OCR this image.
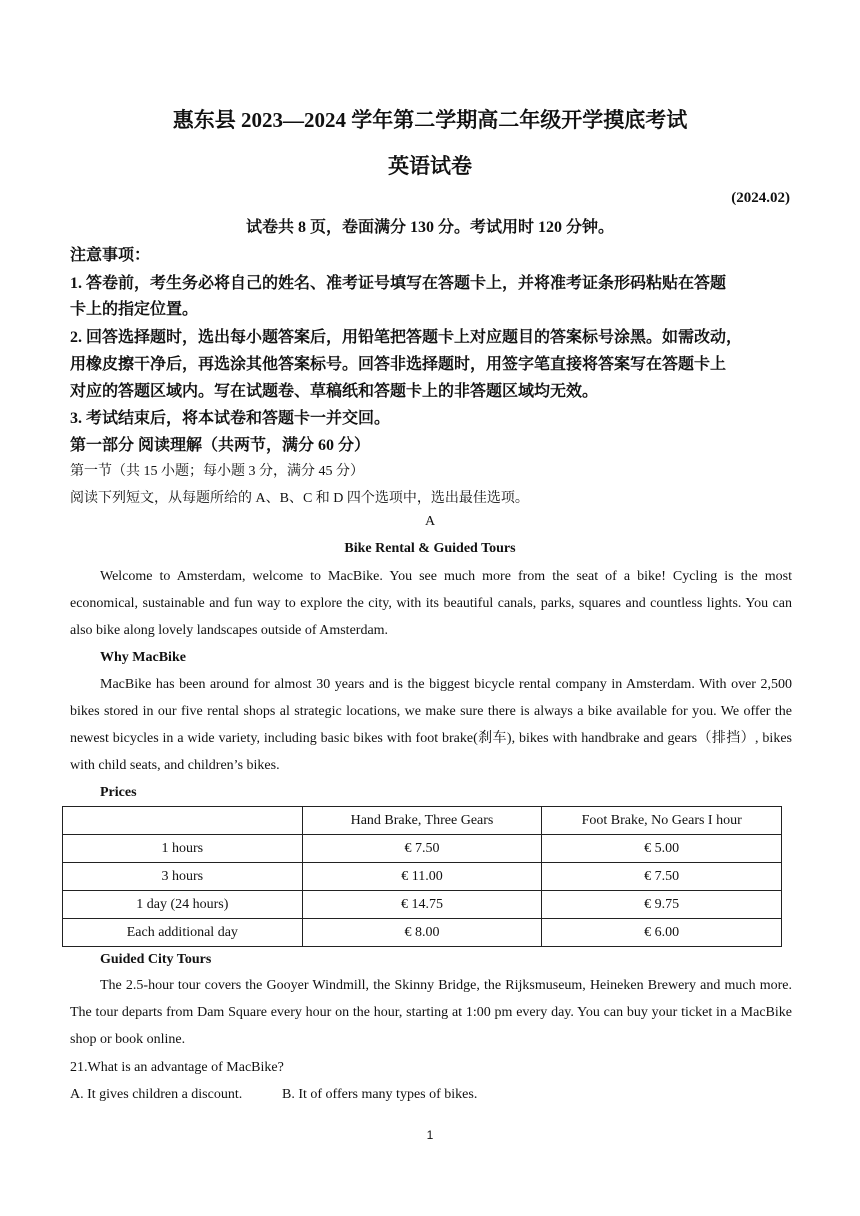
惠东县 2023—2024 学年第二学期高二年级开学摸底考试
英语试卷
(2024.02)
试卷共 8 页，卷面满分 130 分。考试用时 120 分钟。
注意事项：
1. 答卷前，考生务必将自己的姓名、准考证号填写在答题卡上，并将准考证条形码粘贴在答题
卡上的指定位置。
2. 回答选择题时，选出每小题答案后，用铅笔把答题卡上对应题目的答案标号涂黑。如需改动，
用橡皮擦干净后，再选涂其他答案标号。回答非选择题时，用签字笔直接将答案写在答题卡上
对应的答题区域内。写在试题卷、草稿纸和答题卡上的非答题区域均无效。
3. 考试结束后，将本试卷和答题卡一并交回。
第一部分 阅读理解（共两节，满分 60 分）
第一节（共 15 小题；每小题 3 分，满分 45 分）
阅读下列短文，从每题所给的 A、B、C 和 D 四个选项中，选出最佳选项。
A
Bike Rental & Guided Tours
Welcome to Amsterdam, welcome to MacBike. You see much more from the seat of a bike! Cycling is the most economical, sustainable and fun way to explore the city, with its beautiful canals, parks, squares and countless lights. You can also bike along lovely landscapes outside of Amsterdam.
Why MacBike
MacBike has been around for almost 30 years and is the biggest bicycle rental company in Amsterdam. With over 2,500 bikes stored in our five rental shops al strategic locations, we make sure there is always a bike available for you. We offer the newest bicycles in a wide variety, including basic bikes with foot brake(刹车), bikes with handbrake and gears（排挡）, bikes with child seats, and children’s bikes.
Prices
	Hand Brake, Three Gears	Foot Brake, No Gears I hour
1 hours	€ 7.50	€ 5.00
3 hours	€ 11.00	€ 7.50
1 day (24 hours)	€ 14.75	€ 9.75
Each additional day	€ 8.00	€ 6.00
Guided City Tours
The 2.5-hour tour covers the Gooyer Windmill, the Skinny Bridge, the Rijksmuseum, Heineken Brewery and much more. The tour departs from Dam Square every hour on the hour, starting at 1:00 pm every day. You can buy your ticket in a MacBike shop or book online.
21.What is an advantage of MacBike?
A. It gives children a discount.	B. It of offers many types of bikes.
1
